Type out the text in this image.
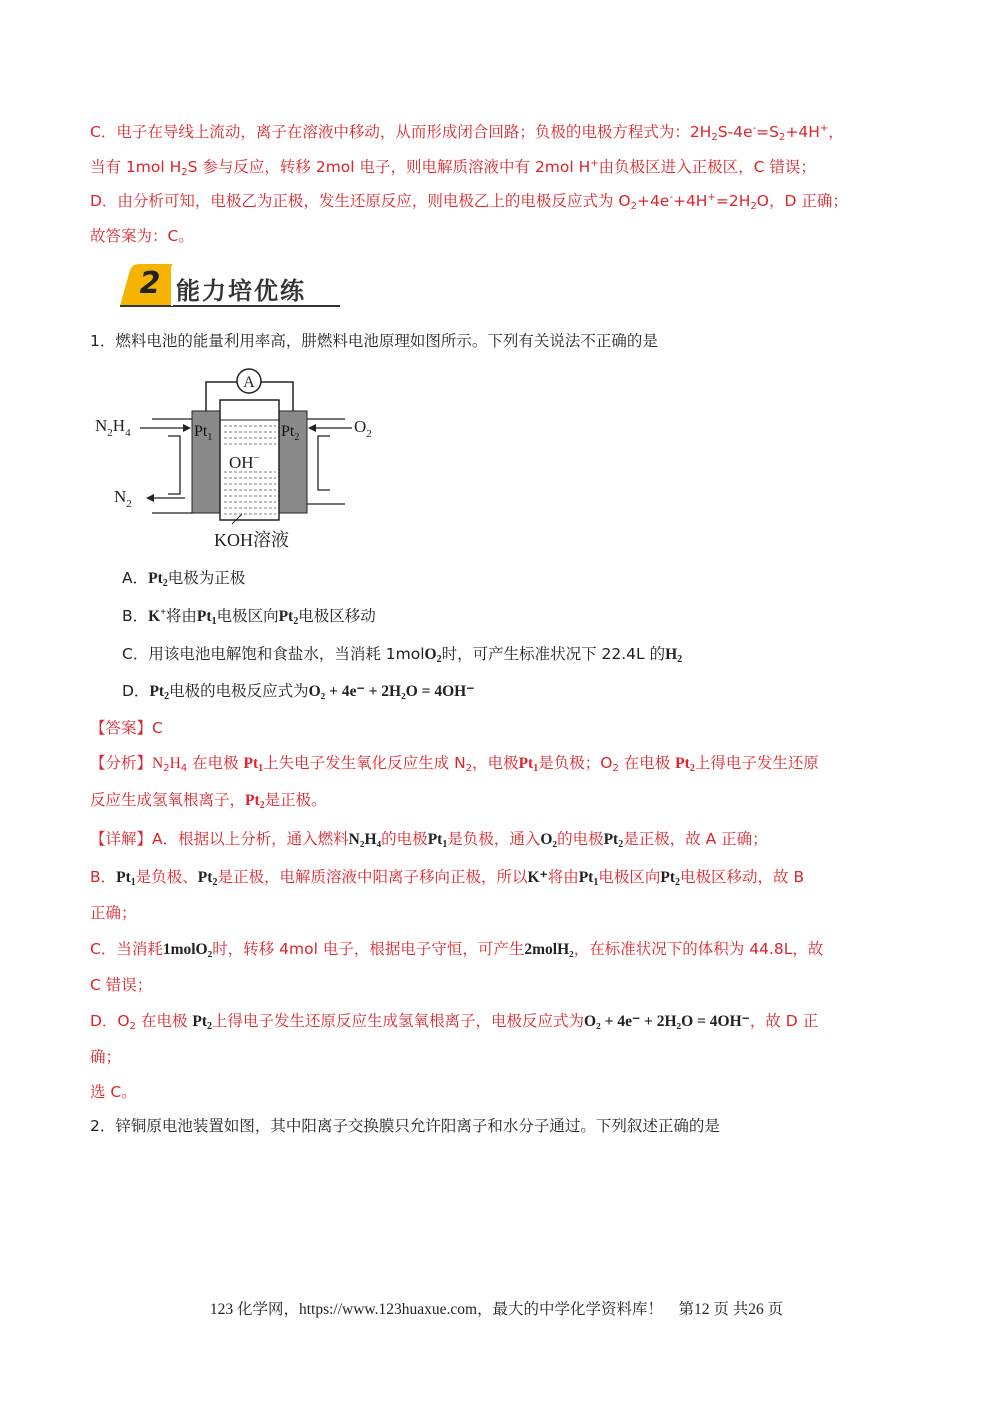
C．电子在导线上流动，离子在溶液中移动，从而形成闭合回路；负极的电极方程式为：$2H_2S-4e^-=S_2+4H^+$，
当有 1mol $H_2S$ 参与反应，转移 2mol 电子，则电解质溶液中有 2mol H+由负极区进入正极区，C 错误；
D．由分析可知，电极乙为正极，发生还原反应，则电极乙上的电极反应式为 $O_2+4e^-+4H^+=2H_2O$，D 正确；
故答案为：C。
2 能力培优练
1．燃料电池的能量利用率高，肼燃料电池原理如图所示。下列有关说法不正确的是
A
$N_2H_4$
$N_2$
$O_2$
$Pt_1$	$Pt_2$
OH−
KOH溶液
A．$Pt_2$电极为正极
B．K+将由$Pt_1$电极区向$Pt_2$电极区移动
C．用该电池电解饱和食盐水，当消耗 1molO$_2$时，可产生标准状况下 22.4L 的$H_2$
D．$Pt_2$电极的电极反应式为O₂ + 4e⁻ + 2H₂O = 4OH⁻
【答案】C
【分析】$N_2H_4$ 在电极 $Pt_1$上失电子发生氧化反应生成 $N_2$，电极$Pt_1$是负极；$O_2$ 在电极 $Pt_2$上得电子发生还原
反应生成氢氧根离子，$Pt_2$是正极。
【详解】A．根据以上分析，通入燃料N₂H₄的电极$Pt_1$是负极，通入O₂的电极$Pt_2$是正极，故 A 正确；
B．$Pt_1$是负极、$Pt_2$是正极，电解质溶液中阳离子移向正极，所以K⁺将由$Pt_1$电极区向$Pt_2$电极区移动，故 B
正确；
C．当消耗1molO₂时，转移 4mol 电子，根据电子守恒，可产生2molH₂，在标准状况下的体积为 44.8L，故
C 错误；
D．$O_2$ 在电极 $Pt_2$上得电子发生还原反应生成氢氧根离子，电极反应式为O₂ + 4e⁻ + 2H₂O = 4OH⁻，故 D 正
确；
选 C。
2．锌铜原电池装置如图，其中阳离子交换膜只允许阳离子和水分子通过。下列叙述正确的是
123 化学网，https://www.123huaxue.com，最大的中学化学资料库！　第12 页 共26 页
